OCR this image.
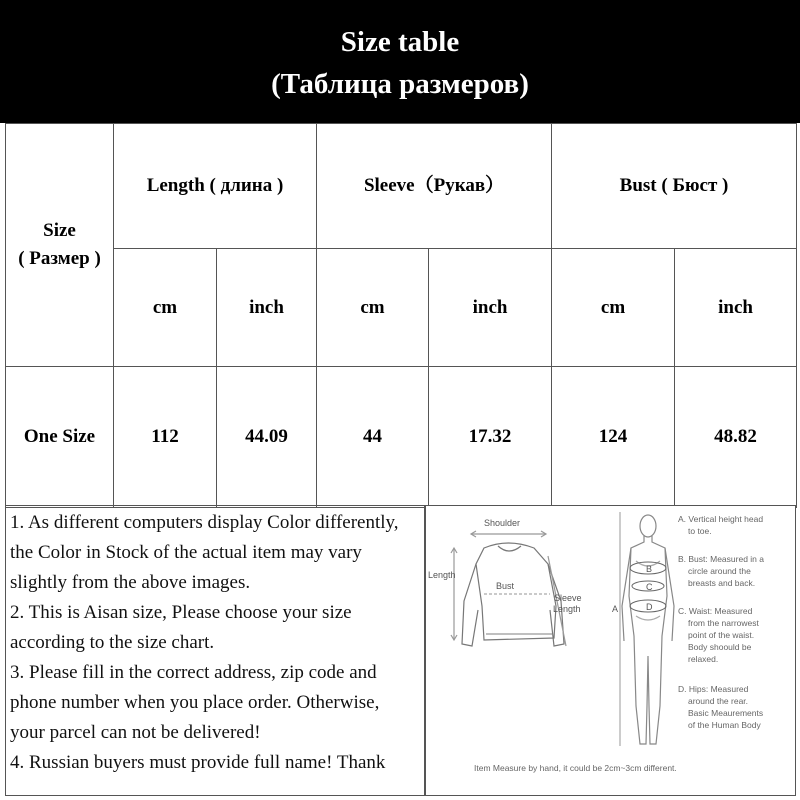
Size table
(Таблица размеров)
Size
( Размер )	Length ( длина )		Sleeve（Рукав）		Bust ( Бюст )	
	cm	inch	cm	inch	cm	inch
One Size	112	44.09	44	17.32	124	48.82

1. As different computers display Color differently,

the Color in Stock of the actual item may vary

slightly from the above images.

2. This is Aisan size, Please choose your size

according to the size chart.

3. Please fill in the correct address, zip code and

phone number when you place order. Otherwise,

your parcel can not be delivered!

4. Russian buyers must provide full name! Thank

Shoulder
Length
Bust
Sleeve
Length
B
C
D
A
A. Vertical height head
to toe.
B. Bust: Measured in a
circle around the
breasts and back.
C. Waist: Measured
from the narrowest
point of the waist.
Body shoould be
relaxed.
D. Hips: Measured
around the rear.
Basic Meaurements
of the Human Body
Item Measure by hand, it could be 2cm~3cm different.
